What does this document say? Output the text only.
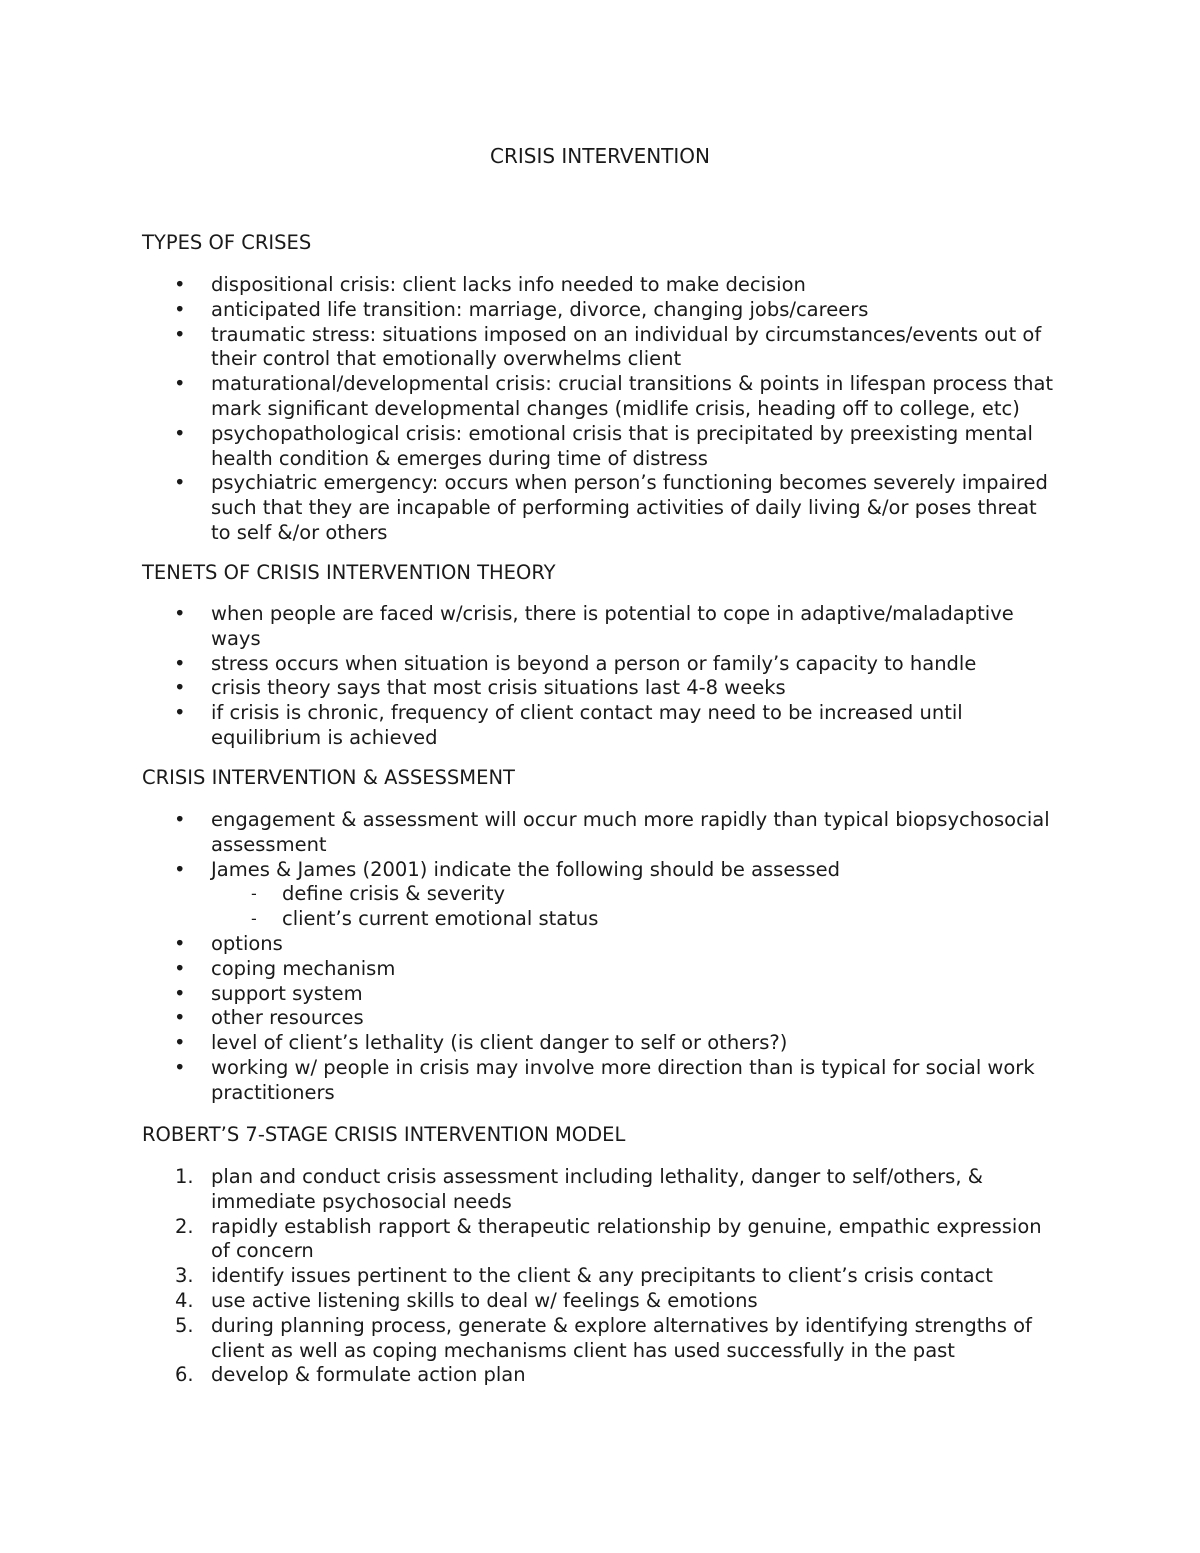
CRISIS INTERVENTION
TYPES OF CRISES
• dispositional crisis: client lacks info needed to make decision
• anticipated life transition: marriage, divorce, changing jobs/careers
• traumatic stress: situations imposed on an individual by circumstances/events out of their control that emotionally overwhelms client
• maturational/developmental crisis: crucial transitions & points in lifespan process that mark significant developmental changes (midlife crisis, heading off to college, etc)
• psychopathological crisis: emotional crisis that is precipitated by preexisting mental health condition & emerges during time of distress
• psychiatric emergency: occurs when person’s functioning becomes severely impaired such that they are incapable of performing activities of daily living &/or poses threat to self &/or others
TENETS OF CRISIS INTERVENTION THEORY
• when people are faced w/crisis, there is potential to cope in adaptive/maladaptive ways
• stress occurs when situation is beyond a person or family’s capacity to handle
• crisis theory says that most crisis situations last 4-8 weeks
• if crisis is chronic, frequency of client contact may need to be increased until equilibrium is achieved
CRISIS INTERVENTION & ASSESSMENT
• engagement & assessment will occur much more rapidly than typical biopsychosocial assessment
• James & James (2001) indicate the following should be assessed
- define crisis & severity
- client’s current emotional status
• options
• coping mechanism
• support system
• other resources
• level of client’s lethality (is client danger to self or others?)
• working w/ people in crisis may involve more direction than is typical for social work practitioners
ROBERT’S 7-STAGE CRISIS INTERVENTION MODEL
1. plan and conduct crisis assessment including lethality, danger to self/others, & immediate psychosocial needs
2. rapidly establish rapport & therapeutic relationship by genuine, empathic expression of concern
3. identify issues pertinent to the client & any precipitants to client’s crisis contact
4. use active listening skills to deal w/ feelings & emotions
5. during planning process, generate & explore alternatives by identifying strengths of client as well as coping mechanisms client has used successfully in the past
6. develop & formulate action plan
